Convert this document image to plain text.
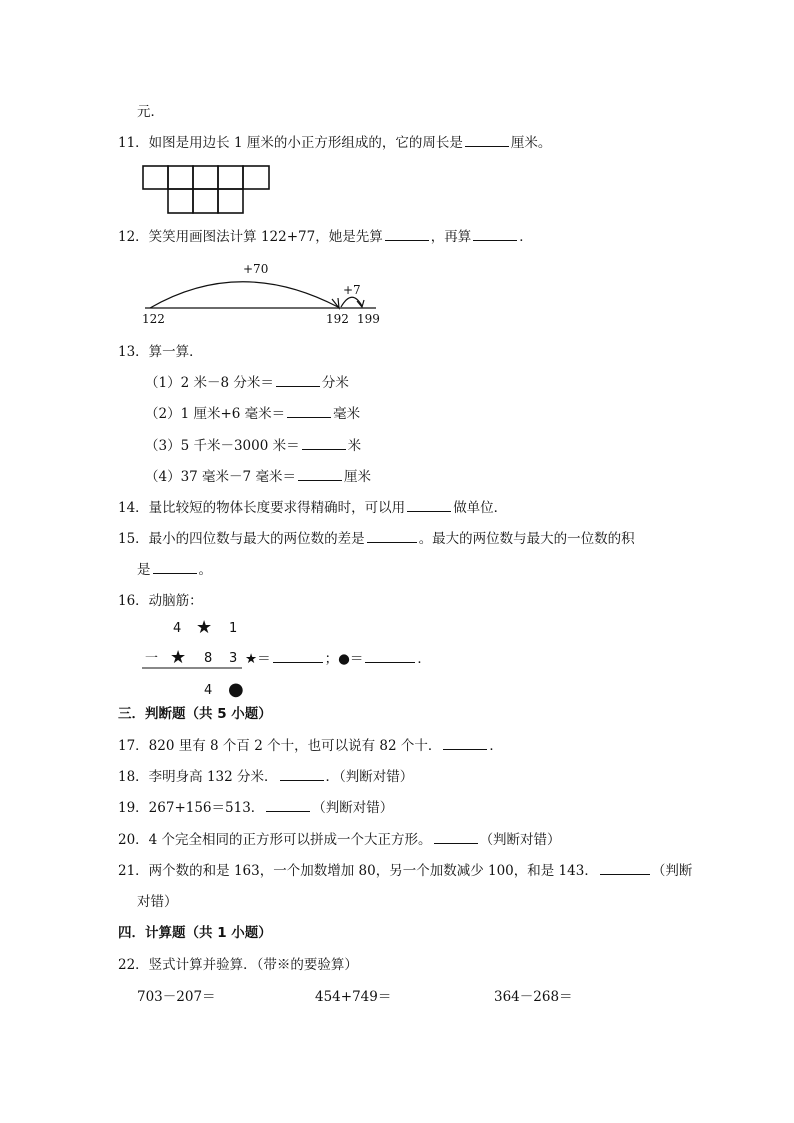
元．
11．如图是用边长 1 厘米的小正方形组成的，它的周长是	厘米。
12．笑笑用画图法计算 122+77，她是先算	，再算	．
+70
+7
122	192 199
13．算一算．
（1）2 米－8 分米＝	分米
（2）1 厘米+6 毫米＝	毫米
（3）5 千米－3000 米＝	米
（4）37 毫米－7 毫米＝	厘米
14．量比较短的物体长度要求得精确时，可以用	做单位．
15．最小的四位数与最大的两位数的差是	。最大的两位数与最大的一位数的积
是	。
16．动脑筋：
4 ★ 1
一 ★ 8 3
4 ●
★＝	；●＝	．
三．判断题（共 5 小题）
17．820 里有 8 个百 2 个十，也可以说有 82 个十．	．
18．李明身高 132 分米．	．（判断对错）
19．267+156＝513．	（判断对错）
20．4 个完全相同的正方形可以拼成一个大正方形。	（判断对错）
21．两个数的和是 163，一个加数增加 80，另一个加数减少 100，和是 143．	（判断
对错）
四．计算题（共 1 小题）
22．竖式计算并验算．（带※的要验算）
703－207＝	454+749＝	364－268＝
